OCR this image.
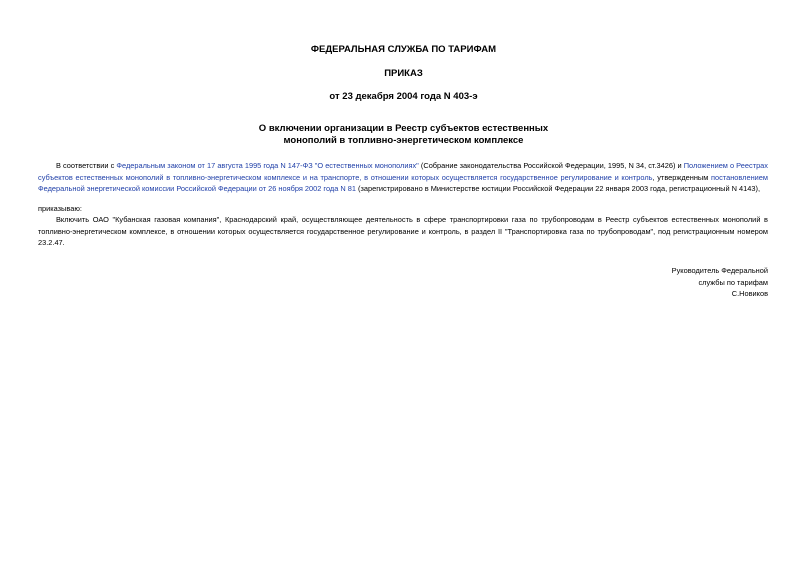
ФЕДЕРАЛЬНАЯ СЛУЖБА ПО ТАРИФАМ
ПРИКАЗ
от 23 декабря 2004 года N 403-э
О включении организации в Реестр субъектов естественных
монополий в топливно-энергетическом комплексе
В соответствии с Федеральным законом от 17 августа 1995 года N 147-ФЗ "О естественных монополиях" (Собрание законодательства Российской Федерации, 1995, N 34, ст.3426) и Положением о Реестрах субъектов естественных монополий в топливно-энергетическом комплексе и на транспорте, в отношении которых осуществляется государственное регулирование и контроль, утвержденным постановлением Федеральной энергетической комиссии Российской Федерации от 26 ноября 2002 года N 81 (зарегистрировано в Министерстве юстиции Российской Федерации 22 января 2003 года, регистрационный N 4143),
приказываю:
Включить ОАО "Кубанская газовая компания", Краснодарский край, осуществляющее деятельность в сфере транспортировки газа по трубопроводам в Реестр субъектов естественных монополий в топливно-энергетическом комплексе, в отношении которых осуществляется государственное регулирование и контроль, в раздел II "Транспортировка газа по трубопроводам", под регистрационным номером 23.2.47.
Руководитель Федеральной
службы по тарифам
С.Новиков
